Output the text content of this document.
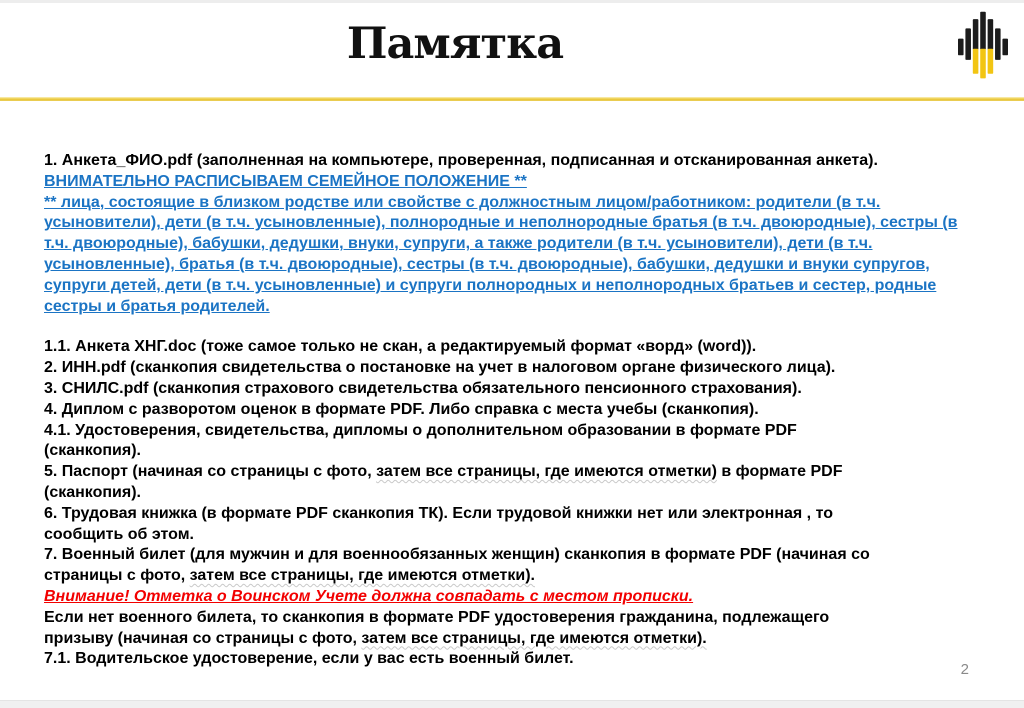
Памятка
1. Анкета_ФИО.pdf (заполненная на компьютере, проверенная, подписанная и отсканированная анкета).
ВНИМАТЕЛЬНО РАСПИСЫВАЕМ СЕМЕЙНОЕ ПОЛОЖЕНИЕ **
** лица, состоящие в близком родстве или свойстве с должностным лицом/работником: родители (в т.ч.
усыновители), дети (в т.ч. усыновленные), полнородные и неполнородные братья (в т.ч. двоюродные), сестры (в
т.ч. двоюродные), бабушки, дедушки, внуки, супруги, а также родители (в т.ч. усыновители), дети (в т.ч.
усыновленные), братья (в т.ч. двоюродные), сестры (в т.ч. двоюродные), бабушки, дедушки и внуки супругов,
супруги детей, дети (в т.ч. усыновленные) и супруги полнородных и неполнородных братьев и сестер, родные
сестры и братья родителей.
1.1. Анкета ХНГ.doc (тоже самое только не скан, а редактируемый формат «ворд» (word)).
2. ИНН.pdf (сканкопия свидетельства о постановке на учет в налоговом органе физического лица).
3. СНИЛС.pdf (сканкопия страхового свидетельства обязательного пенсионного страхования).
4. Диплом с разворотом оценок в формате PDF. Либо справка с места учебы (сканкопия).
4.1. Удостоверения, свидетельства, дипломы о дополнительном образовании в формате PDF
(сканкопия).
5. Паспорт (начиная со страницы с фото, затем все страницы, где имеются отметки) в формате PDF
(сканкопия).
6. Трудовая книжка (в формате PDF сканкопия ТК). Если трудовой книжки нет или электронная , то
сообщить об этом.
7. Военный билет (для мужчин и для военнообязанных женщин) сканкопия в формате PDF (начиная со
страницы с фото, затем все страницы, где имеются отметки).
Внимание! Отметка о Воинском Учете должна совпадать с местом прописки.
Если нет военного билета, то сканкопия в формате PDF удостоверения гражданина, подлежащего
призыву (начиная со страницы с фото, затем все страницы, где имеются отметки).
7.1. Водительское удостоверение, если у вас есть военный билет.
2
